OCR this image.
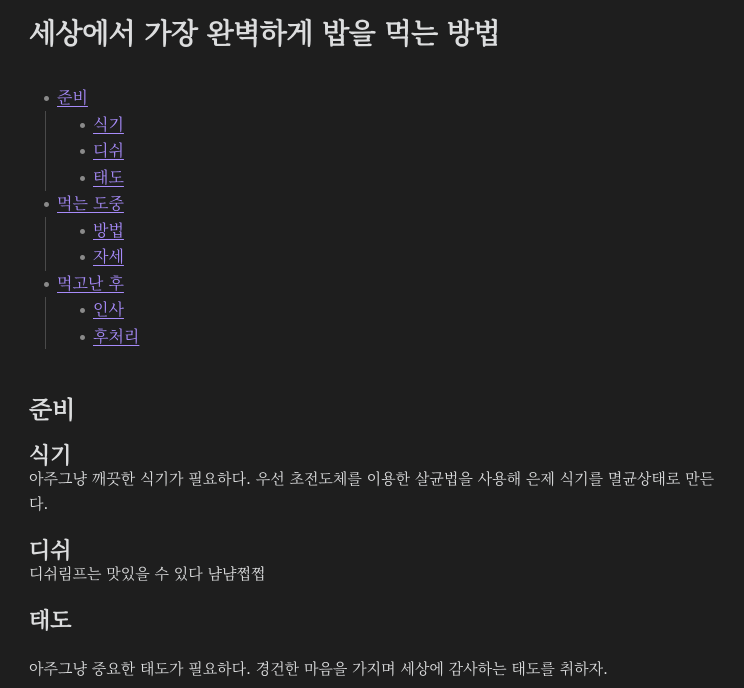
세상에서 가장 완벽하게 밥을 먹는 방법
준비
식기
디쉬
태도
먹는 도중
방법
자세
먹고난 후
인사
후처리
준비
식기

아주그냥 깨끗한 식기가 필요하다. 우선 초전도체를 이용한 살균법을 사용해 은제 식기를 멸균상태로 만든다.

디쉬

디쉬림프는 맛있을 수 있다 냠냠쩝쩝

태도

아주그냥 중요한 태도가 필요하다. 경건한 마음을 가지며 세상에 감사하는 태도를 취하자.
